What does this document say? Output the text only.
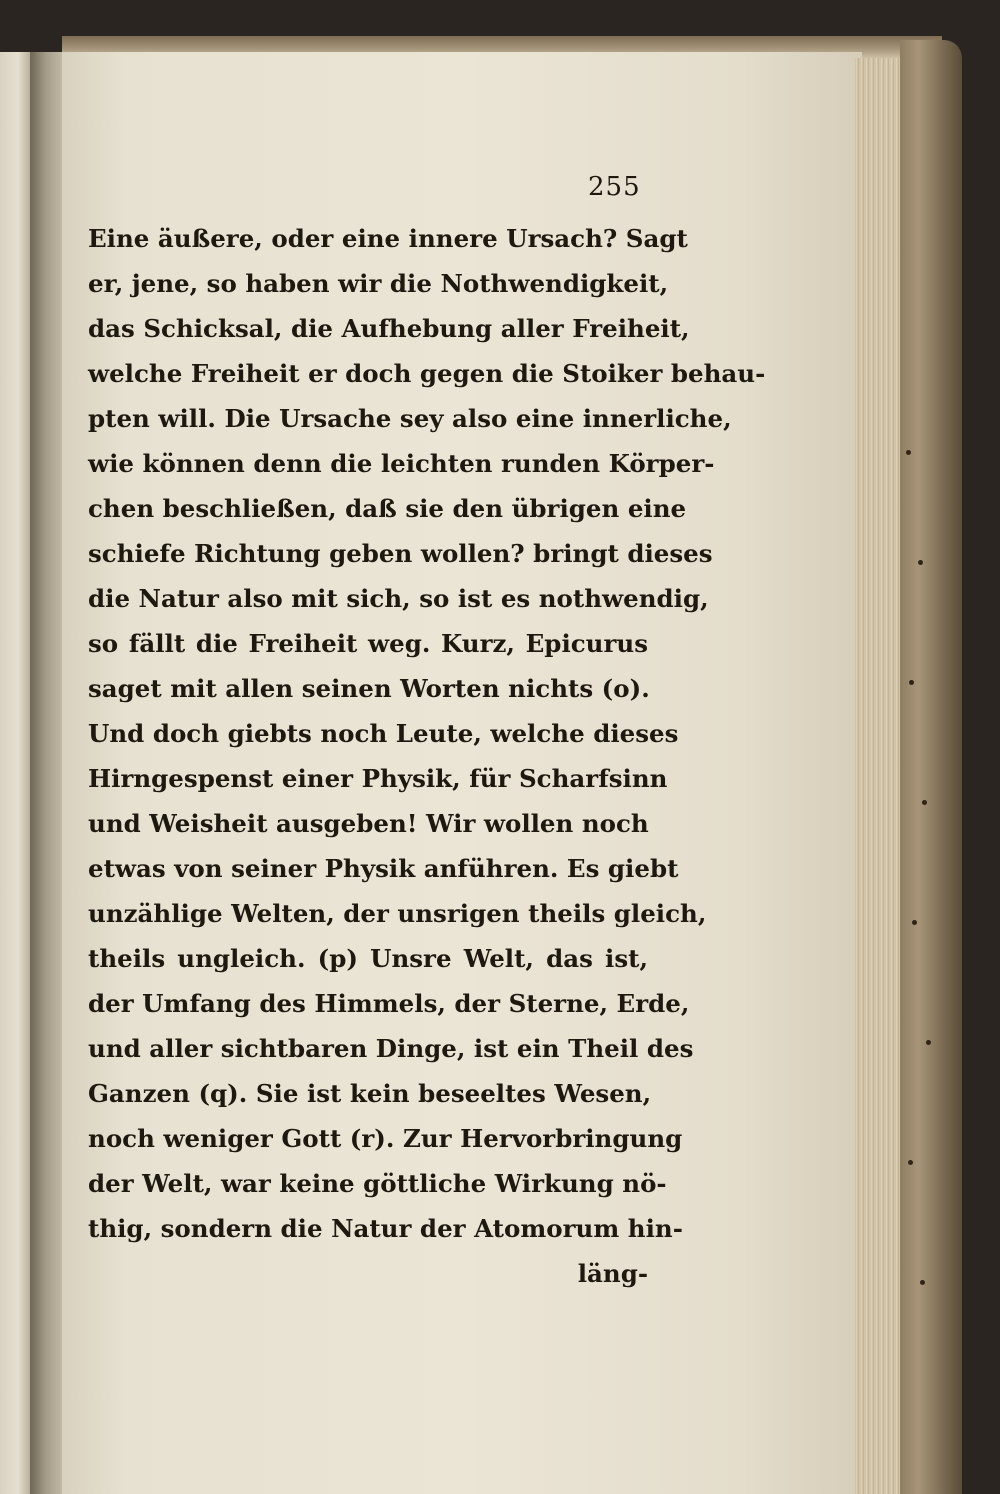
255
Eine äußere, oder eine innere Ursach? Sagt
er, jene, so haben wir die Nothwendigkeit,
das Schicksal, die Aufhebung aller Freiheit,
welche Freiheit er doch gegen die Stoiker behau-
pten will. Die Ursache sey also eine innerliche,
wie können denn die leichten runden Körper-
chen beschließen, daß sie den übrigen eine
schiefe Richtung geben wollen? bringt dieses
die Natur also mit sich, so ist es nothwendig,
so fällt die Freiheit weg. Kurz, Epicurus
saget mit allen seinen Worten nichts (o).
Und doch giebts noch Leute, welche dieses
Hirngespenst einer Physik, für Scharfsinn
und Weisheit ausgeben! Wir wollen noch
etwas von seiner Physik anführen. Es giebt
unzählige Welten, der unsrigen theils gleich,
theils ungleich. (p) Unsre Welt, das ist,
der Umfang des Himmels, der Sterne, Erde,
und aller sichtbaren Dinge, ist ein Theil des
Ganzen (q). Sie ist kein beseeltes Wesen,
noch weniger Gott (r). Zur Hervorbringung
der Welt, war keine göttliche Wirkung nö-
thig, sondern die Natur der Atomorum hin-
läng-
